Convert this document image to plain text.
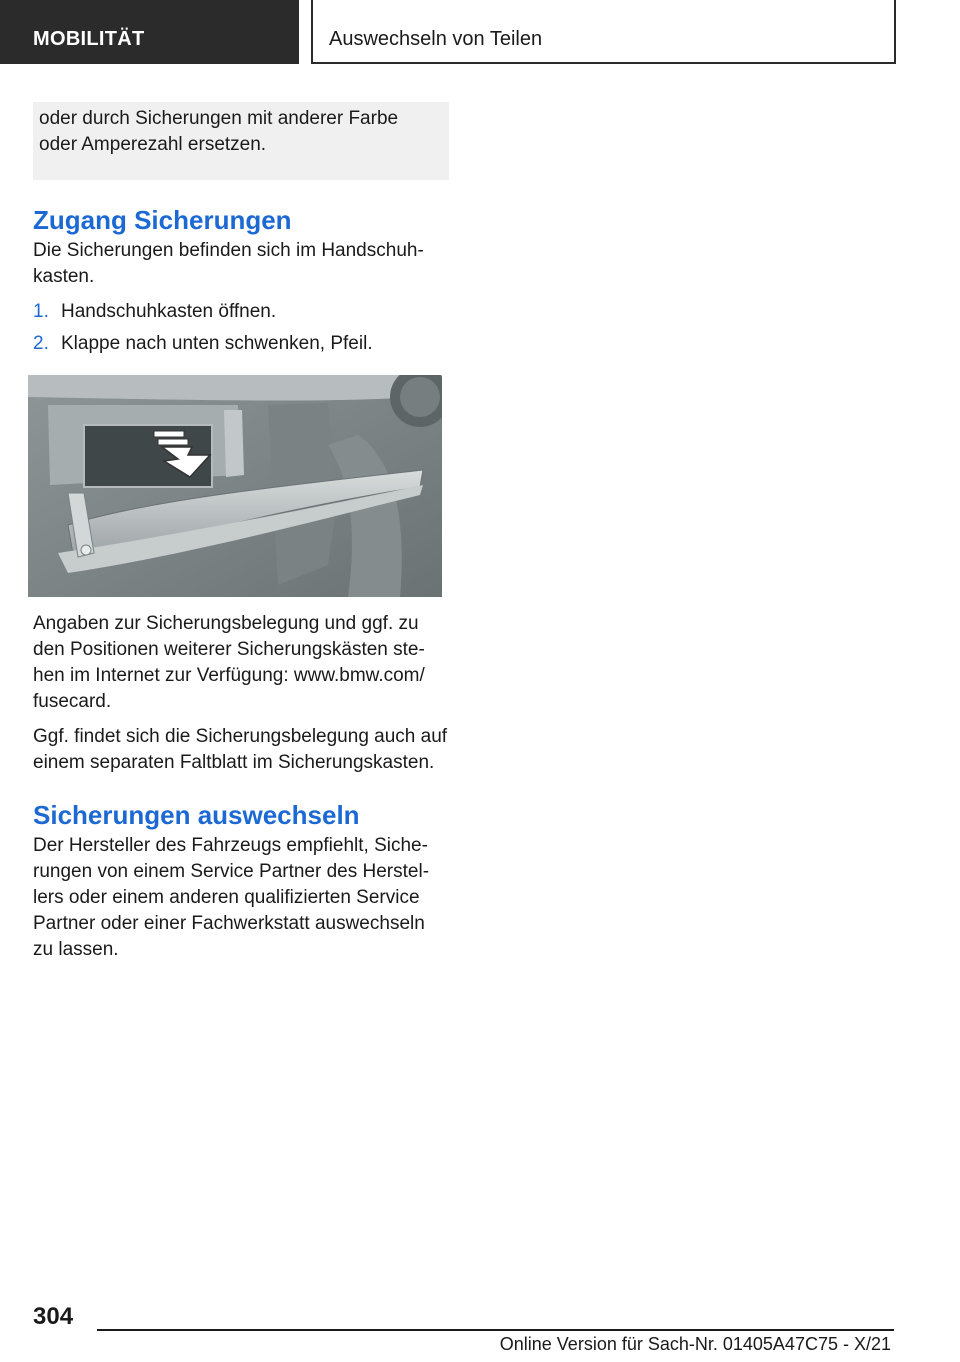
MOBILITÄT	Auswechseln von Teilen
oder durch Sicherungen mit anderer Farbe
oder Amperezahl ersetzen.
Zugang Sicherungen

Die Sicherungen befinden sich im Handschuh-
kasten.

1. Handschuhkasten öffnen.
2. Klappe nach unten schwenken, Pfeil.

Angaben zur Sicherungsbelegung und ggf. zu
den Positionen weiterer Sicherungskästen ste-
hen im Internet zur Verfügung: www.bmw.com/
fusecard.

Ggf. findet sich die Sicherungsbelegung auch auf
einem separaten Faltblatt im Sicherungskasten.

Sicherungen auswechseln

Der Hersteller des Fahrzeugs empfiehlt, Siche-
rungen von einem Service Partner des Herstel-
lers oder einem anderen qualifizierten Service
Partner oder einer Fachwerkstatt auswechseln
zu lassen.

304
Online Version für Sach-Nr. 01405A47C75 - X/21
